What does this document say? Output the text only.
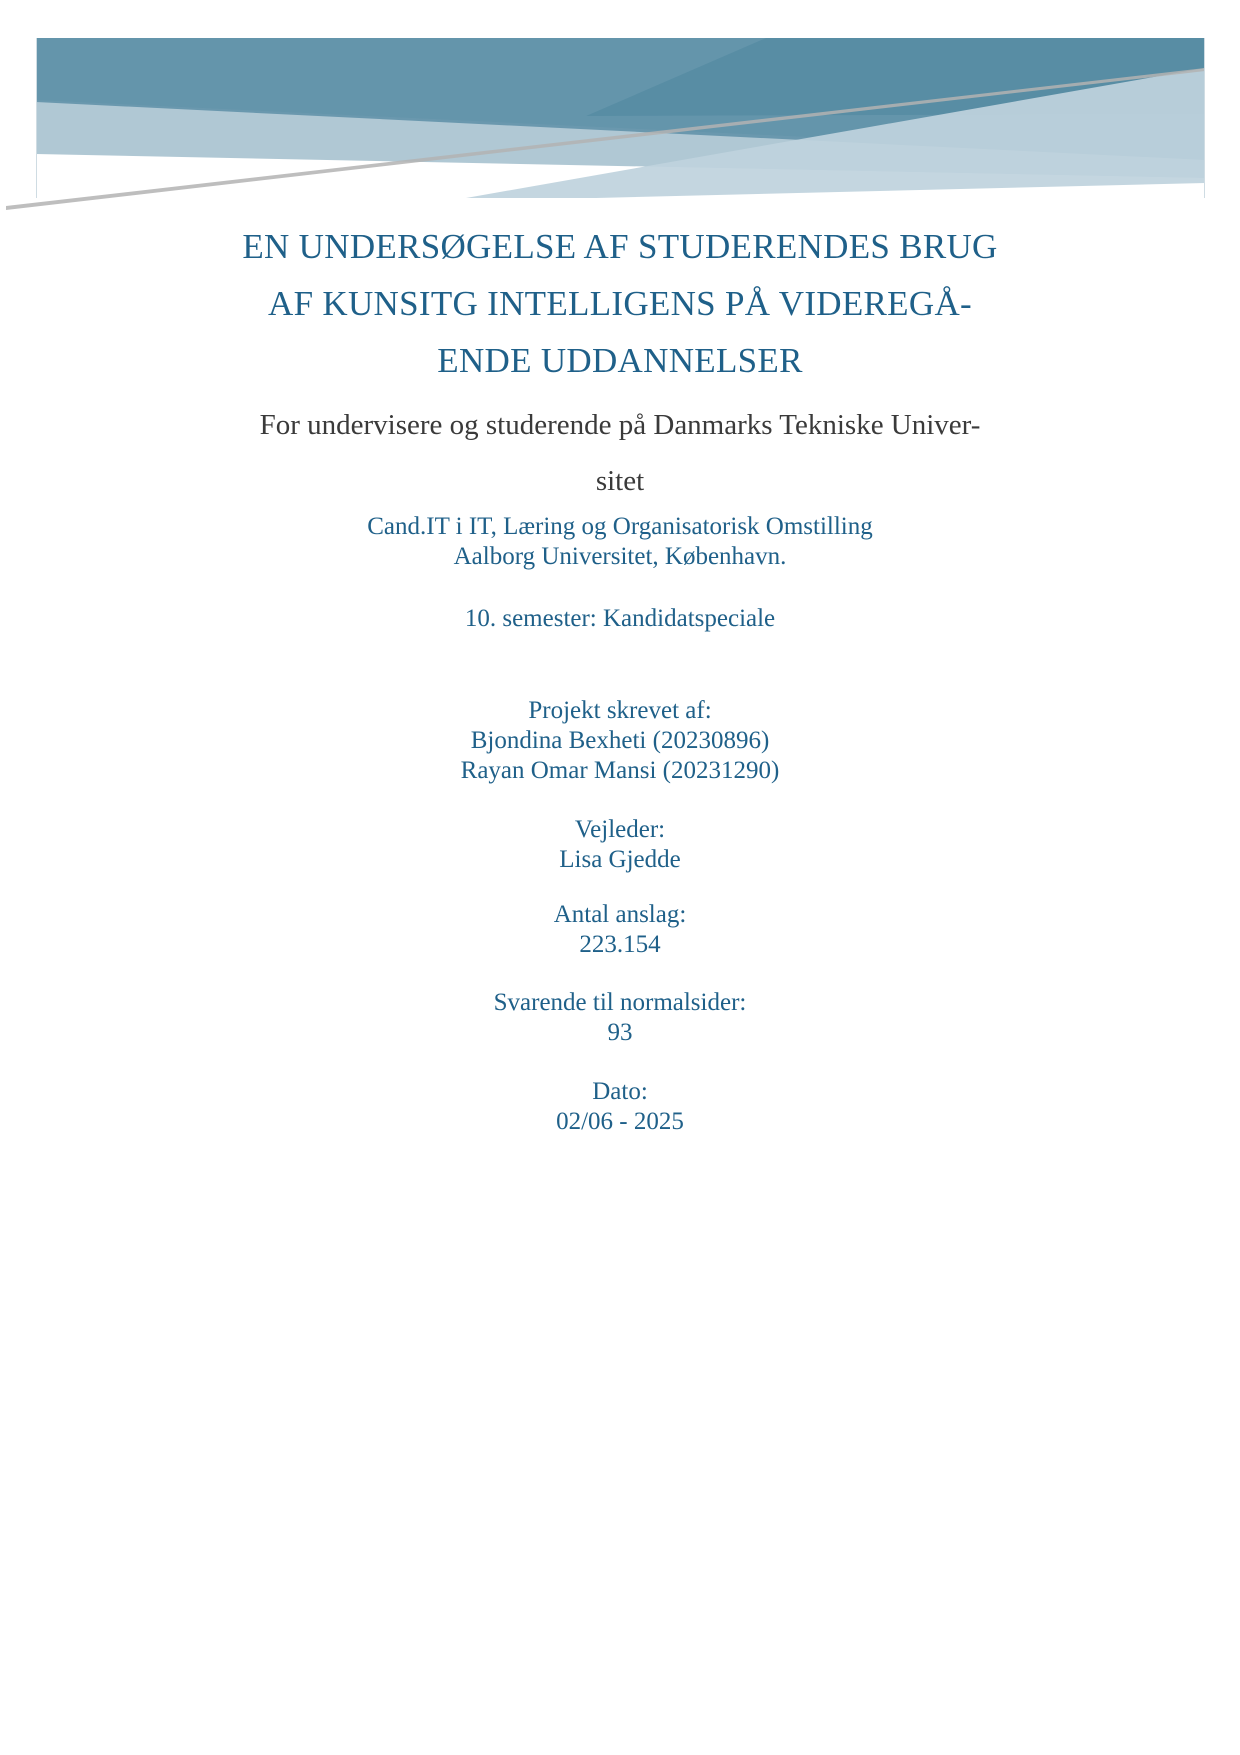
EN UNDERSØGELSE AF STUDERENDES BRUG
AF KUNSITG INTELLIGENS PÅ VIDEREGÅ-
ENDE UDDANNELSER
For undervisere og studerende på Danmarks Tekniske Univer-
sitet
Cand.IT i IT, Læring og Organisatorisk Omstilling
Aalborg Universitet, København.
10. semester: Kandidatspeciale
Projekt skrevet af:
Bjondina Bexheti (20230896)
Rayan Omar Mansi (20231290)
Vejleder:
Lisa Gjedde
Antal anslag:
223.154
Svarende til normalsider:
93
Dato:
02/06 - 2025
